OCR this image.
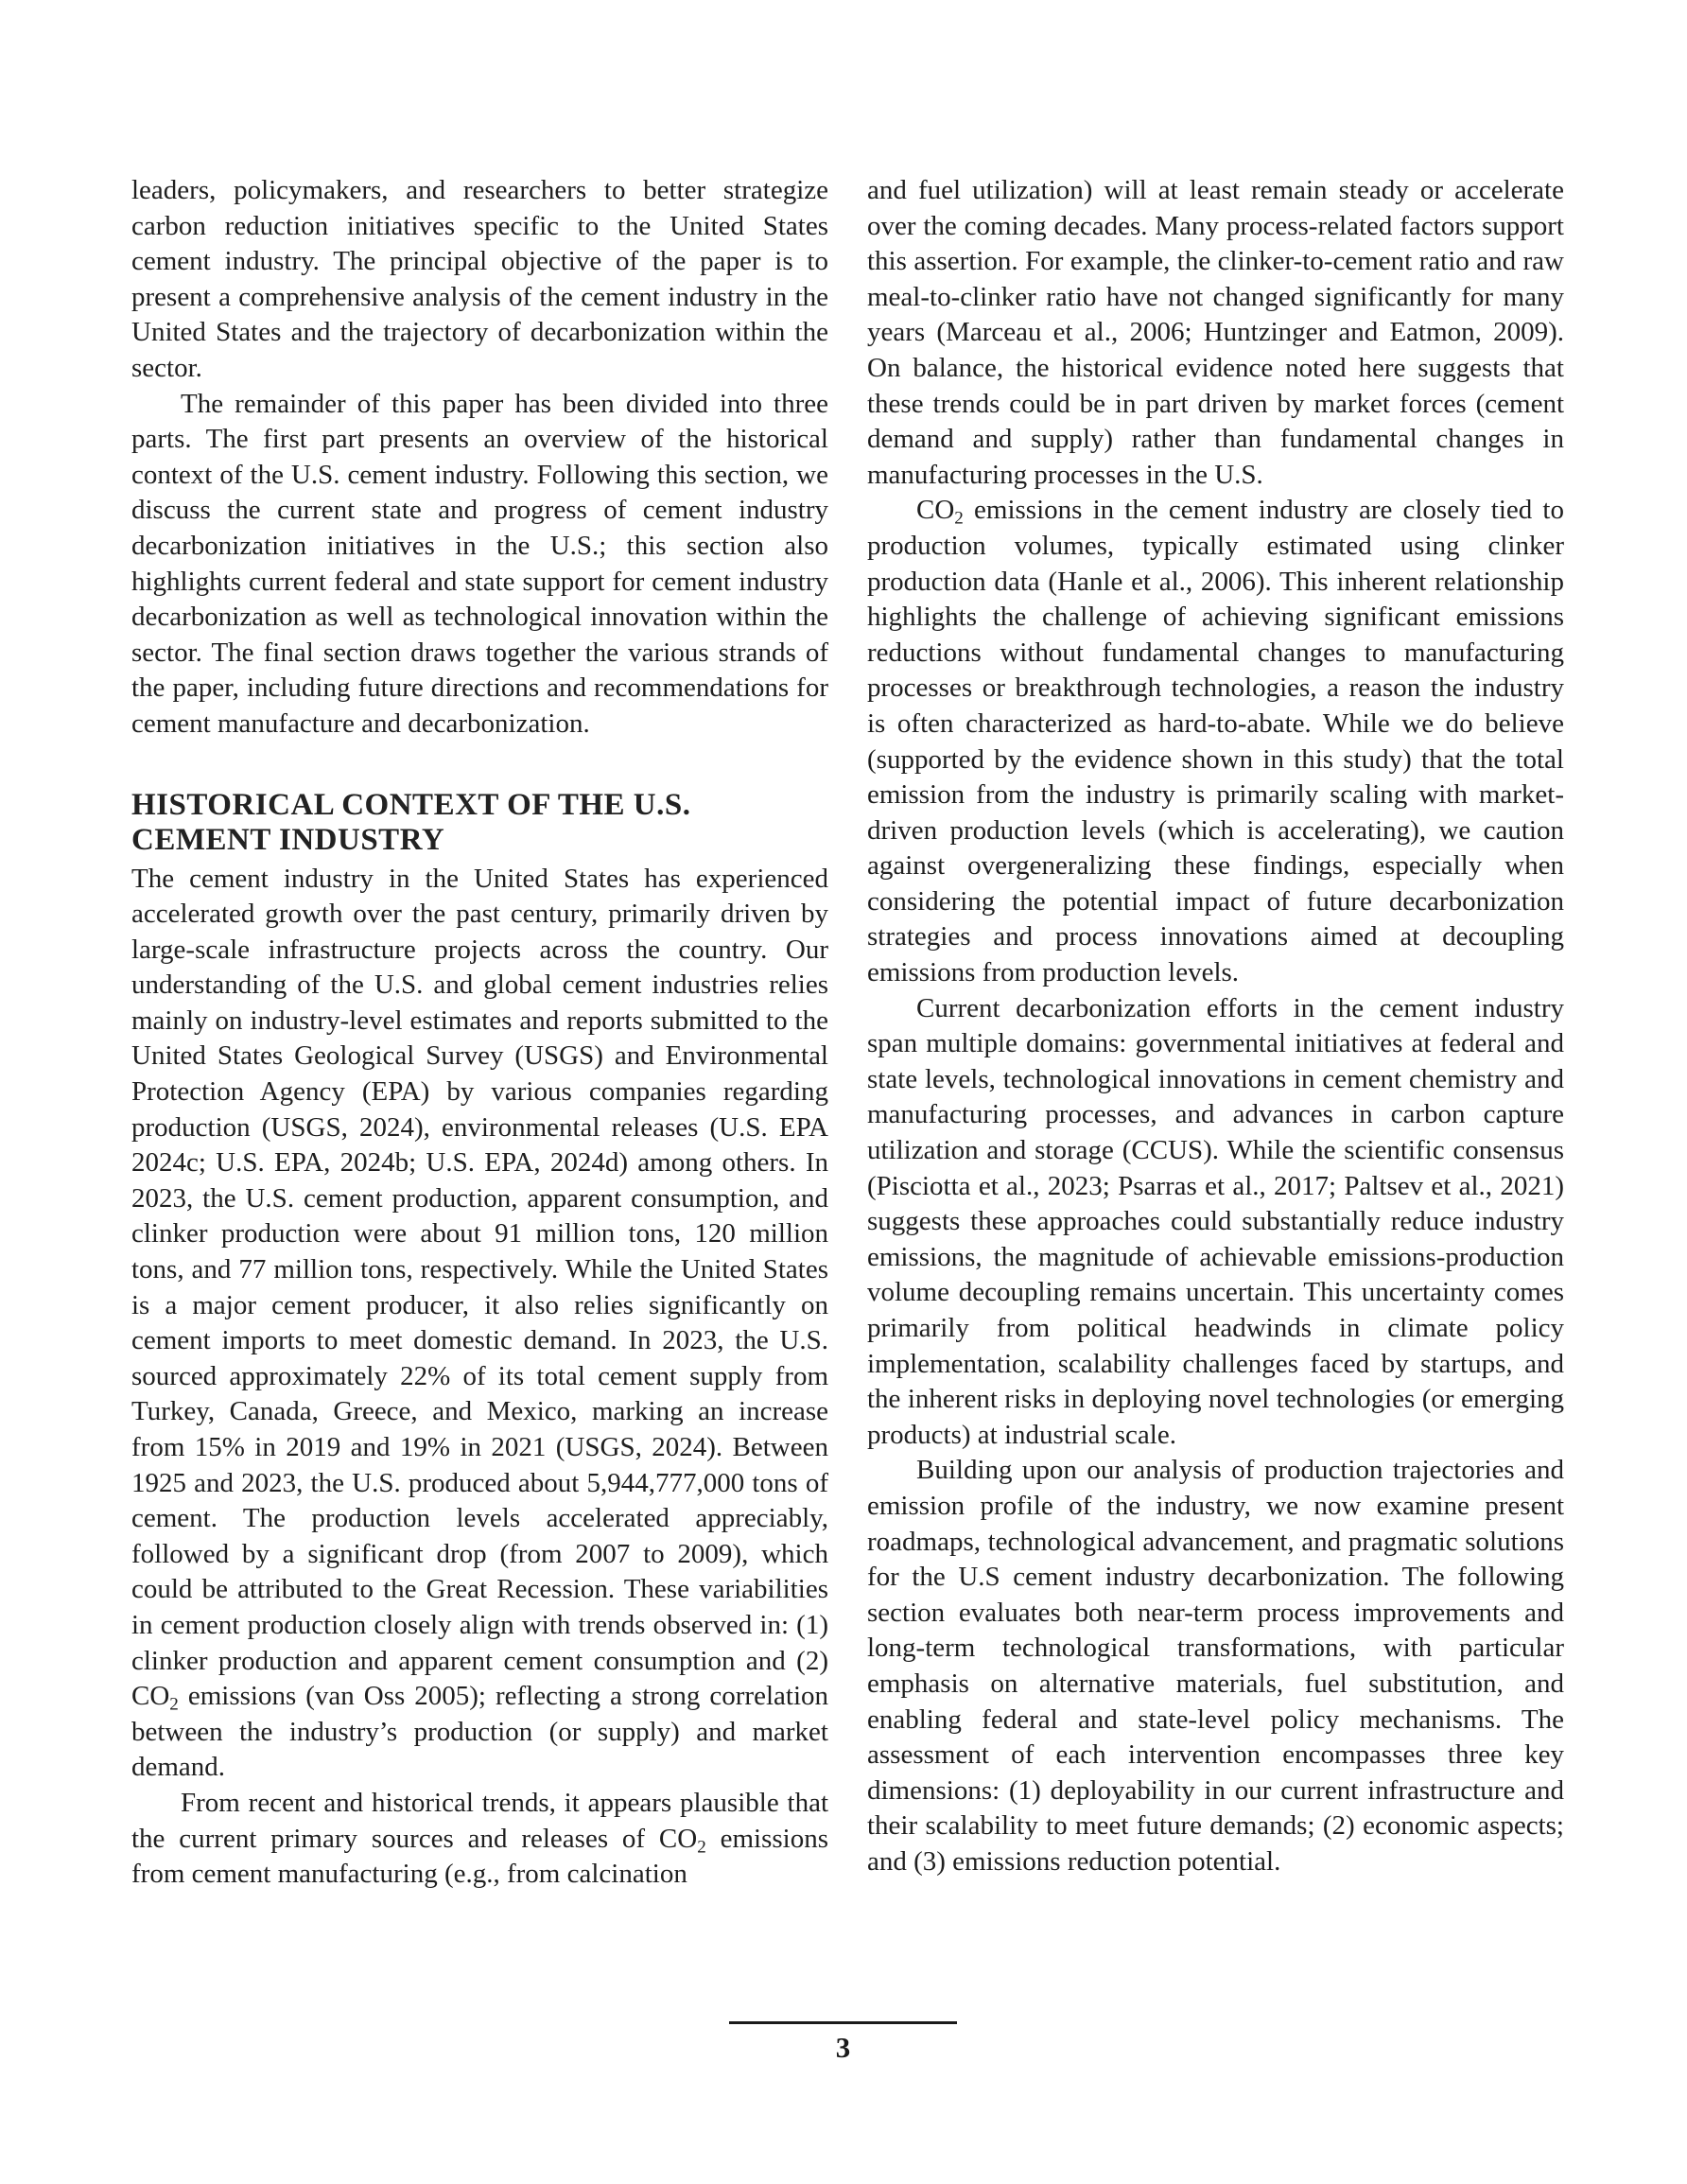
leaders, policymakers, and researchers to better strategize carbon reduction initiatives specific to the United States cement industry. The principal objective of the paper is to present a comprehensive analysis of the cement industry in the United States and the trajectory of decarbonization within the sector.

The remainder of this paper has been divided into three parts. The first part presents an overview of the historical context of the U.S. cement industry. Following this section, we discuss the current state and progress of cement industry decarbonization initiatives in the U.S.; this section also highlights current federal and state support for cement industry decarbonization as well as technological innovation within the sector. The final section draws together the various strands of the paper, including future directions and recommendations for cement manufacture and decarbonization.

HISTORICAL CONTEXT OF THE U.S.
CEMENT INDUSTRY

The cement industry in the United States has experienced accelerated growth over the past century, primarily driven by large-scale infrastructure projects across the country. Our understanding of the U.S. and global cement industries relies mainly on industry-level estimates and reports submitted to the United States Geological Survey (USGS) and Environmental Protection Agency (EPA) by various companies regarding production (USGS, 2024), environmental releases (U.S. EPA 2024c; U.S. EPA, 2024b; U.S. EPA, 2024d) among others. In 2023, the U.S. cement production, apparent consumption, and clinker production were about 91 million tons, 120 million tons, and 77 million tons, respectively. While the United States is a major cement producer, it also relies significantly on cement imports to meet domestic demand. In 2023, the U.S. sourced approximately 22% of its total cement supply from Turkey, Canada, Greece, and Mexico, marking an increase from 15% in 2019 and 19% in 2021 (USGS, 2024). Between 1925 and 2023, the U.S. produced about 5,944,777,000 tons of cement. The production levels accelerated appreciably, followed by a significant drop (from 2007 to 2009), which could be attributed to the Great Recession. These variabilities in cement production closely align with trends observed in: (1) clinker production and apparent cement consumption and (2) $CO_2$ emissions (van Oss 2005); reflecting a strong correlation between the industry’s production (or supply) and market demand.

From recent and historical trends, it appears plausible that the current primary sources and releases of $CO_2$ emissions from cement manufacturing (e.g., from calcination

and fuel utilization) will at least remain steady or accelerate over the coming decades. Many process-related factors support this assertion. For example, the clinker-to-cement ratio and raw meal-to-clinker ratio have not changed significantly for many years (Marceau et al., 2006; Huntzinger and Eatmon, 2009). On balance, the historical evidence noted here suggests that these trends could be in part driven by market forces (cement demand and supply) rather than fundamental changes in manufacturing processes in the U.S.

$CO_2$ emissions in the cement industry are closely tied to production volumes, typically estimated using clinker production data (Hanle et al., 2006). This inherent relationship highlights the challenge of achieving significant emissions reductions without fundamental changes to manufacturing processes or breakthrough technologies, a reason the industry is often characterized as hard-to-abate. While we do believe (supported by the evidence shown in this study) that the total emission from the industry is primarily scaling with market-driven production levels (which is accelerating), we caution against overgeneralizing these findings, especially when considering the potential impact of future decarbonization strategies and process innovations aimed at decoupling emissions from production levels.

Current decarbonization efforts in the cement industry span multiple domains: governmental initiatives at federal and state levels, technological innovations in cement chemistry and manufacturing processes, and advances in carbon capture utilization and storage (CCUS). While the scientific consensus (Pisciotta et al., 2023; Psarras et al., 2017; Paltsev et al., 2021) suggests these approaches could substantially reduce industry emissions, the magnitude of achievable emissions-production volume decoupling remains uncertain. This uncertainty comes primarily from political headwinds in climate policy implementation, scalability challenges faced by startups, and the inherent risks in deploying novel technologies (or emerging products) at industrial scale.

Building upon our analysis of production trajectories and emission profile of the industry, we now examine present roadmaps, technological advancement, and pragmatic solutions for the U.S cement industry decarbonization. The following section evaluates both near-term process improvements and long-term technological transformations, with particular emphasis on alternative materials, fuel substitution, and enabling federal and state-level policy mechanisms. The assessment of each intervention encompasses three key dimensions: (1) deployability in our current infrastructure and their scalability to meet future demands; (2) economic aspects; and (3) emissions reduction potential.

3
